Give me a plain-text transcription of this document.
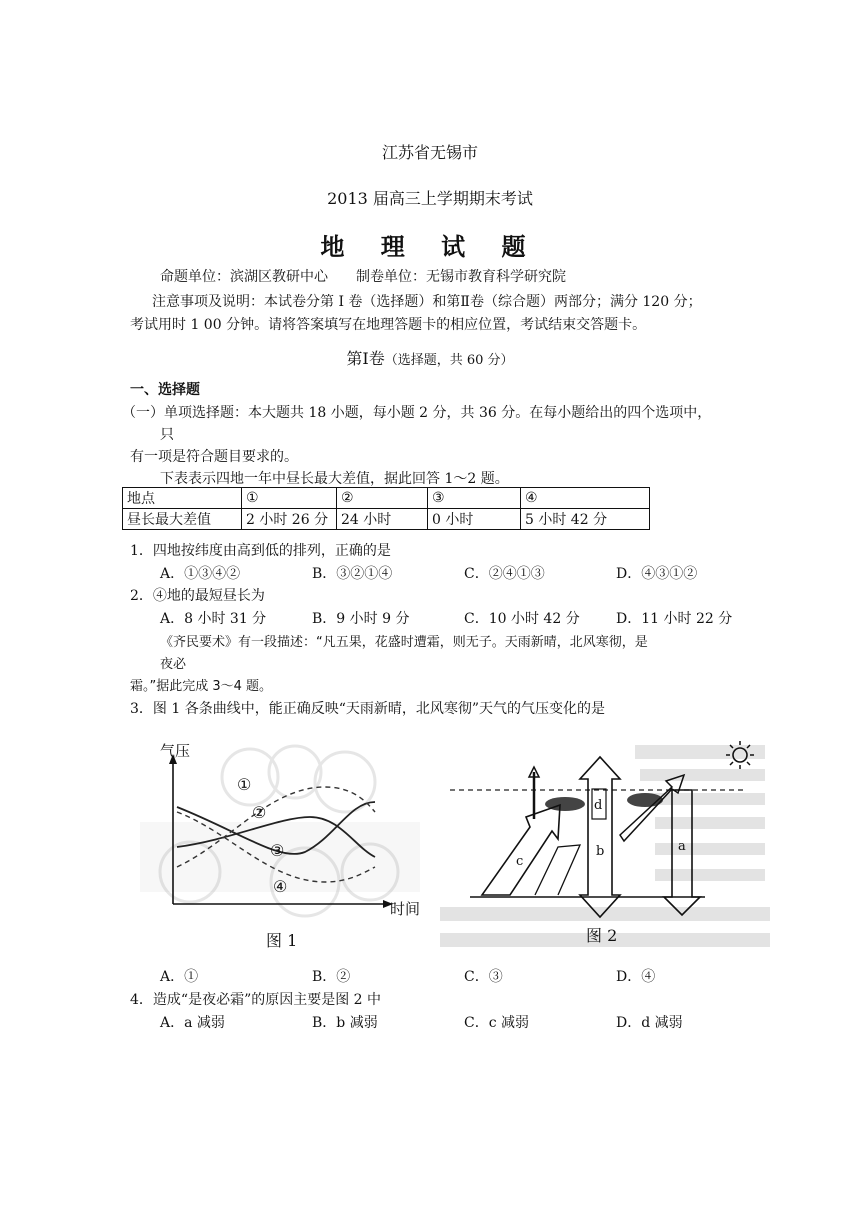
江苏省无锡市
2013 届高三上学期期末考试
地 理 试 题
命题单位：滨湖区教研中心　　制卷单位：无锡市教育科学研究院
注意事项及说明：本试卷分第 I 卷（选择题）和第Ⅱ卷（综合题）两部分；满分 120 分；
考试用时 1 00 分钟。请将答案填写在地理答题卡的相应位置，考试结束交答题卡。
第Ⅰ卷（选择题，共 60 分）
一、选择题
（一）单项选择题：本大题共 18 小题，每小题 2 分，共 36 分。在每小题给出的四个选项中，
只
有一项是符合题目要求的。
下表表示四地一年中昼长最大差值，据此回答 1～2 题。
地点	①	②	③	④
昼长最大差值	2 小时 26 分	24 小时	0 小时	5 小时 42 分
1．四地按纬度由高到低的排列，正确的是
A．①③④②	B．③②①④	C．②④①③	D．④③①②
2．④地的最短昼长为
A．8 小时 31 分	B．9 小时 9 分	C．10 小时 42 分	D．11 小时 22 分
《齐民要术》有一段描述：“凡五果，花盛时遭霜，则无子。天雨新晴，北风寒彻，是
夜必
霜。”据此完成 3～4 题。
3．图 1 各条曲线中，能正确反映“天雨新晴，北风寒彻”天气的气压变化的是
气压
时间
①
②
③
④
图 1
c
b
d
a
图 2
A．①	B．②	C．③	D．④
4．造成“是夜必霜”的原因主要是图 2 中
A．a 减弱	B．b 减弱	C．c 减弱	D．d 减弱
